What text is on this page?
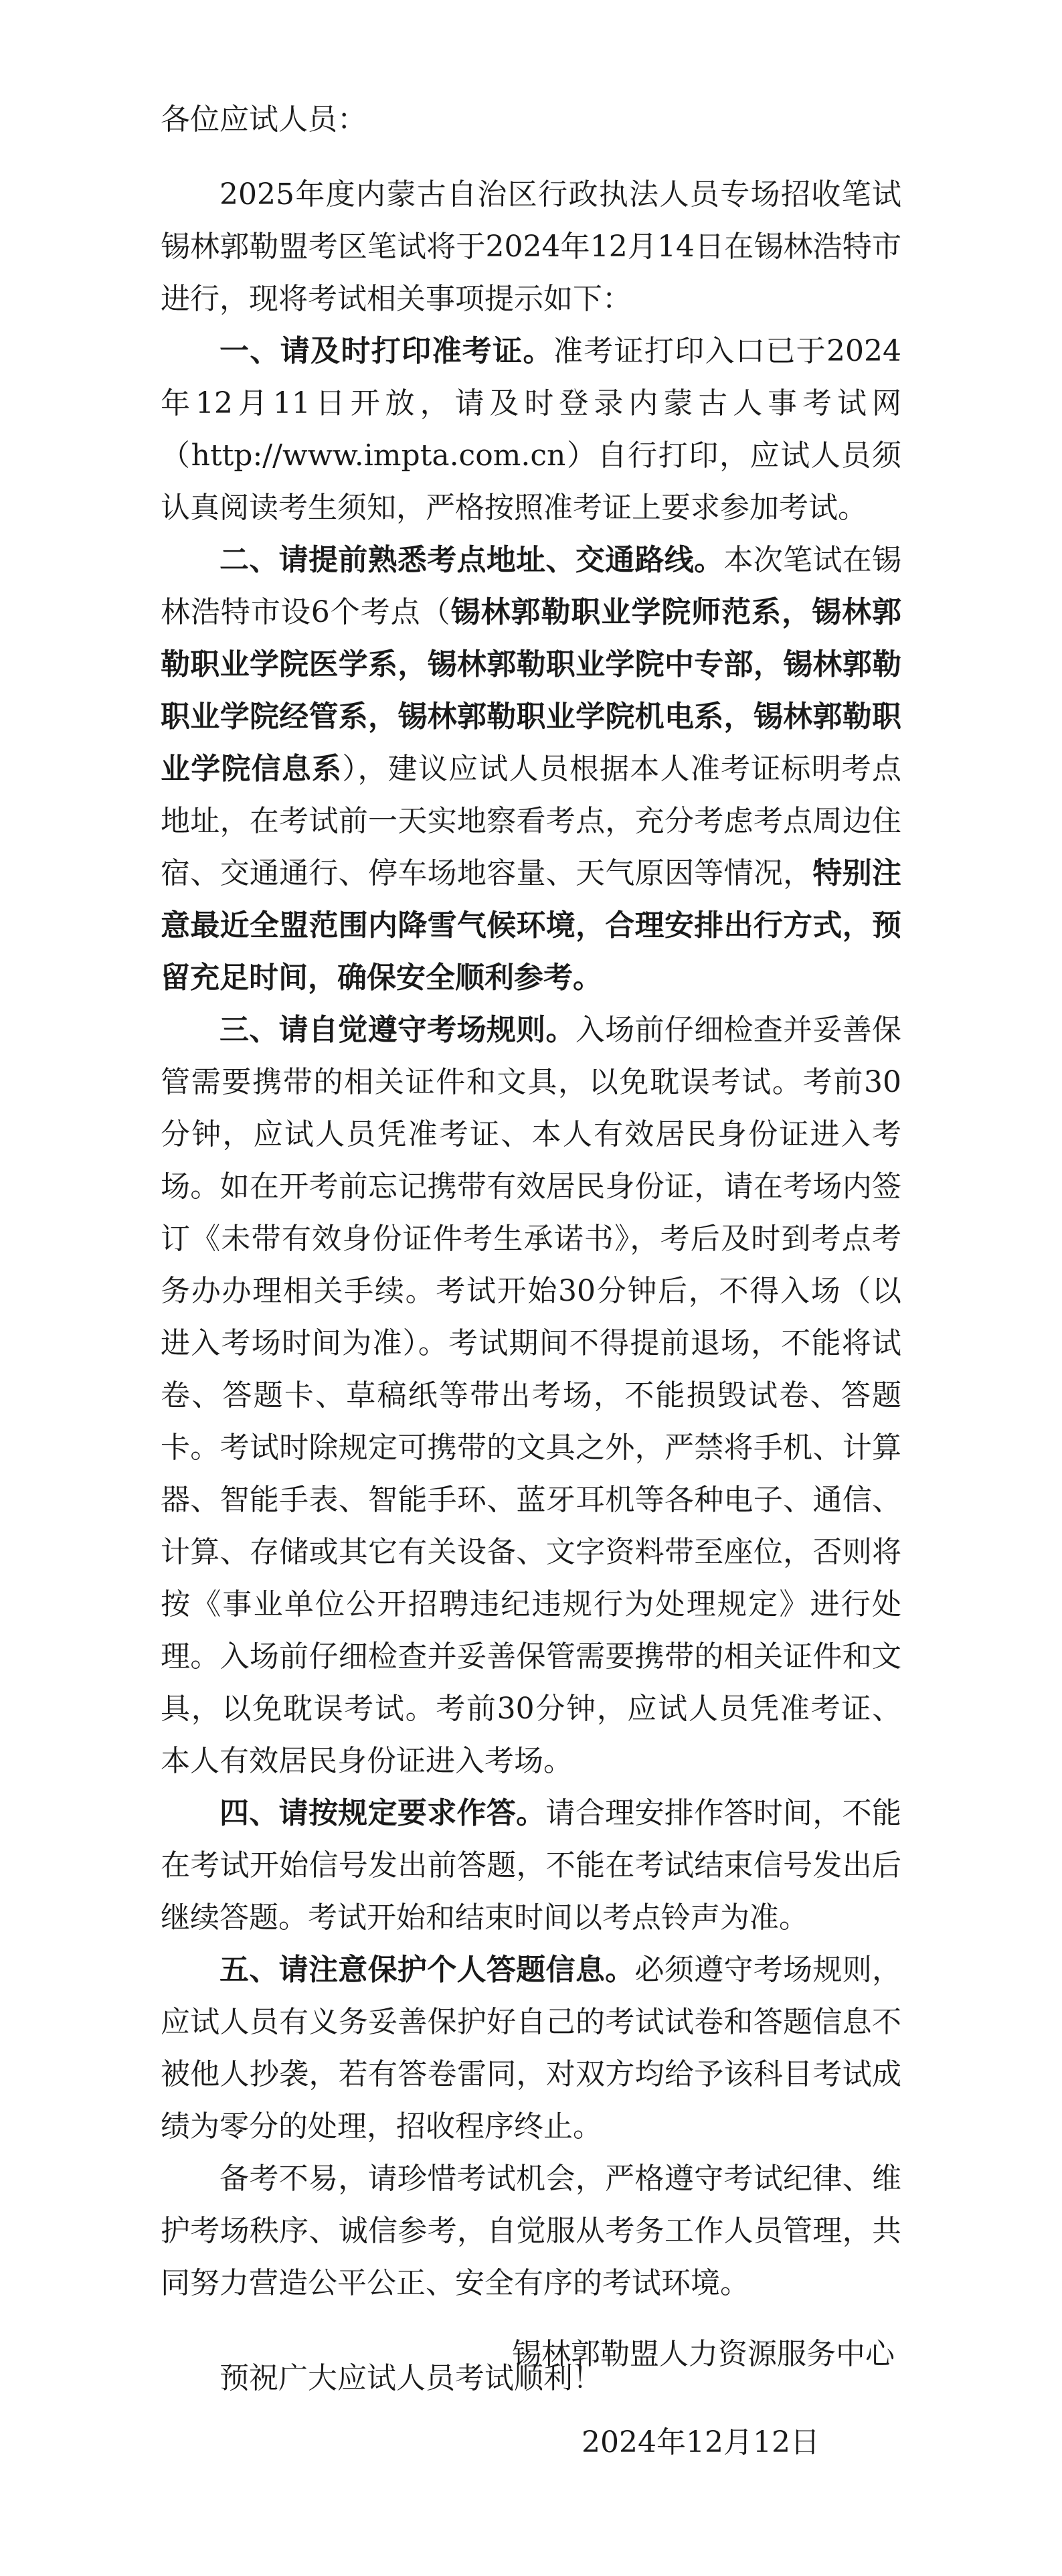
各位应试人员：

2025年度内蒙古自治区行政执法人员专场招收笔试锡林郭勒盟考区笔试将于2024年12月14日在锡林浩特市进行，现将考试相关事项提示如下：

一、请及时打印准考证。准考证打印入口已于2024年12月11日开放，请及时登录内蒙古人事考试网（http://www.impta.com.cn）自行打印，应试人员须认真阅读考生须知，严格按照准考证上要求参加考试。

二、请提前熟悉考点地址、交通路线。本次笔试在锡林浩特市设6个考点（锡林郭勒职业学院师范系，锡林郭勒职业学院医学系，锡林郭勒职业学院中专部，锡林郭勒职业学院经管系，锡林郭勒职业学院机电系，锡林郭勒职业学院信息系），建议应试人员根据本人准考证标明考点地址，在考试前一天实地察看考点，充分考虑考点周边住宿、交通通行、停车场地容量、天气原因等情况，特别注意最近全盟范围内降雪气候环境，合理安排出行方式，预留充足时间，确保安全顺利参考。

三、请自觉遵守考场规则。入场前仔细检查并妥善保管需要携带的相关证件和文具，以免耽误考试。考前30分钟，应试人员凭准考证、本人有效居民身份证进入考场。如在开考前忘记携带有效居民身份证，请在考场内签订《未带有效身份证件考生承诺书》，考后及时到考点考务办办理相关手续。考试开始30分钟后，不得入场（以进入考场时间为准）。考试期间不得提前退场，不能将试卷、答题卡、草稿纸等带出考场，不能损毁试卷、答题卡。考试时除规定可携带的文具之外，严禁将手机、计算器、智能手表、智能手环、蓝牙耳机等各种电子、通信、计算、存储或其它有关设备、文字资料带至座位，否则将按《事业单位公开招聘违纪违规行为处理规定》进行处理。入场前仔细检查并妥善保管需要携带的相关证件和文具，以免耽误考试。考前30分钟，应试人员凭准考证、本人有效居民身份证进入考场。

四、请按规定要求作答。请合理安排作答时间，不能在考试开始信号发出前答题，不能在考试结束信号发出后继续答题。考试开始和结束时间以考点铃声为准。

五、请注意保护个人答题信息。必须遵守考场规则，应试人员有义务妥善保护好自己的考试试卷和答题信息不被他人抄袭，若有答卷雷同，对双方均给予该科目考试成绩为零分的处理，招收程序终止。

备考不易，请珍惜考试机会，严格遵守考试纪律、维护考场秩序、诚信参考，自觉服从考务工作人员管理，共同努力营造公平公正、安全有序的考试环境。

预祝广大应试人员考试顺利！

锡林郭勒盟人力资源服务中心

2024年12月12日
